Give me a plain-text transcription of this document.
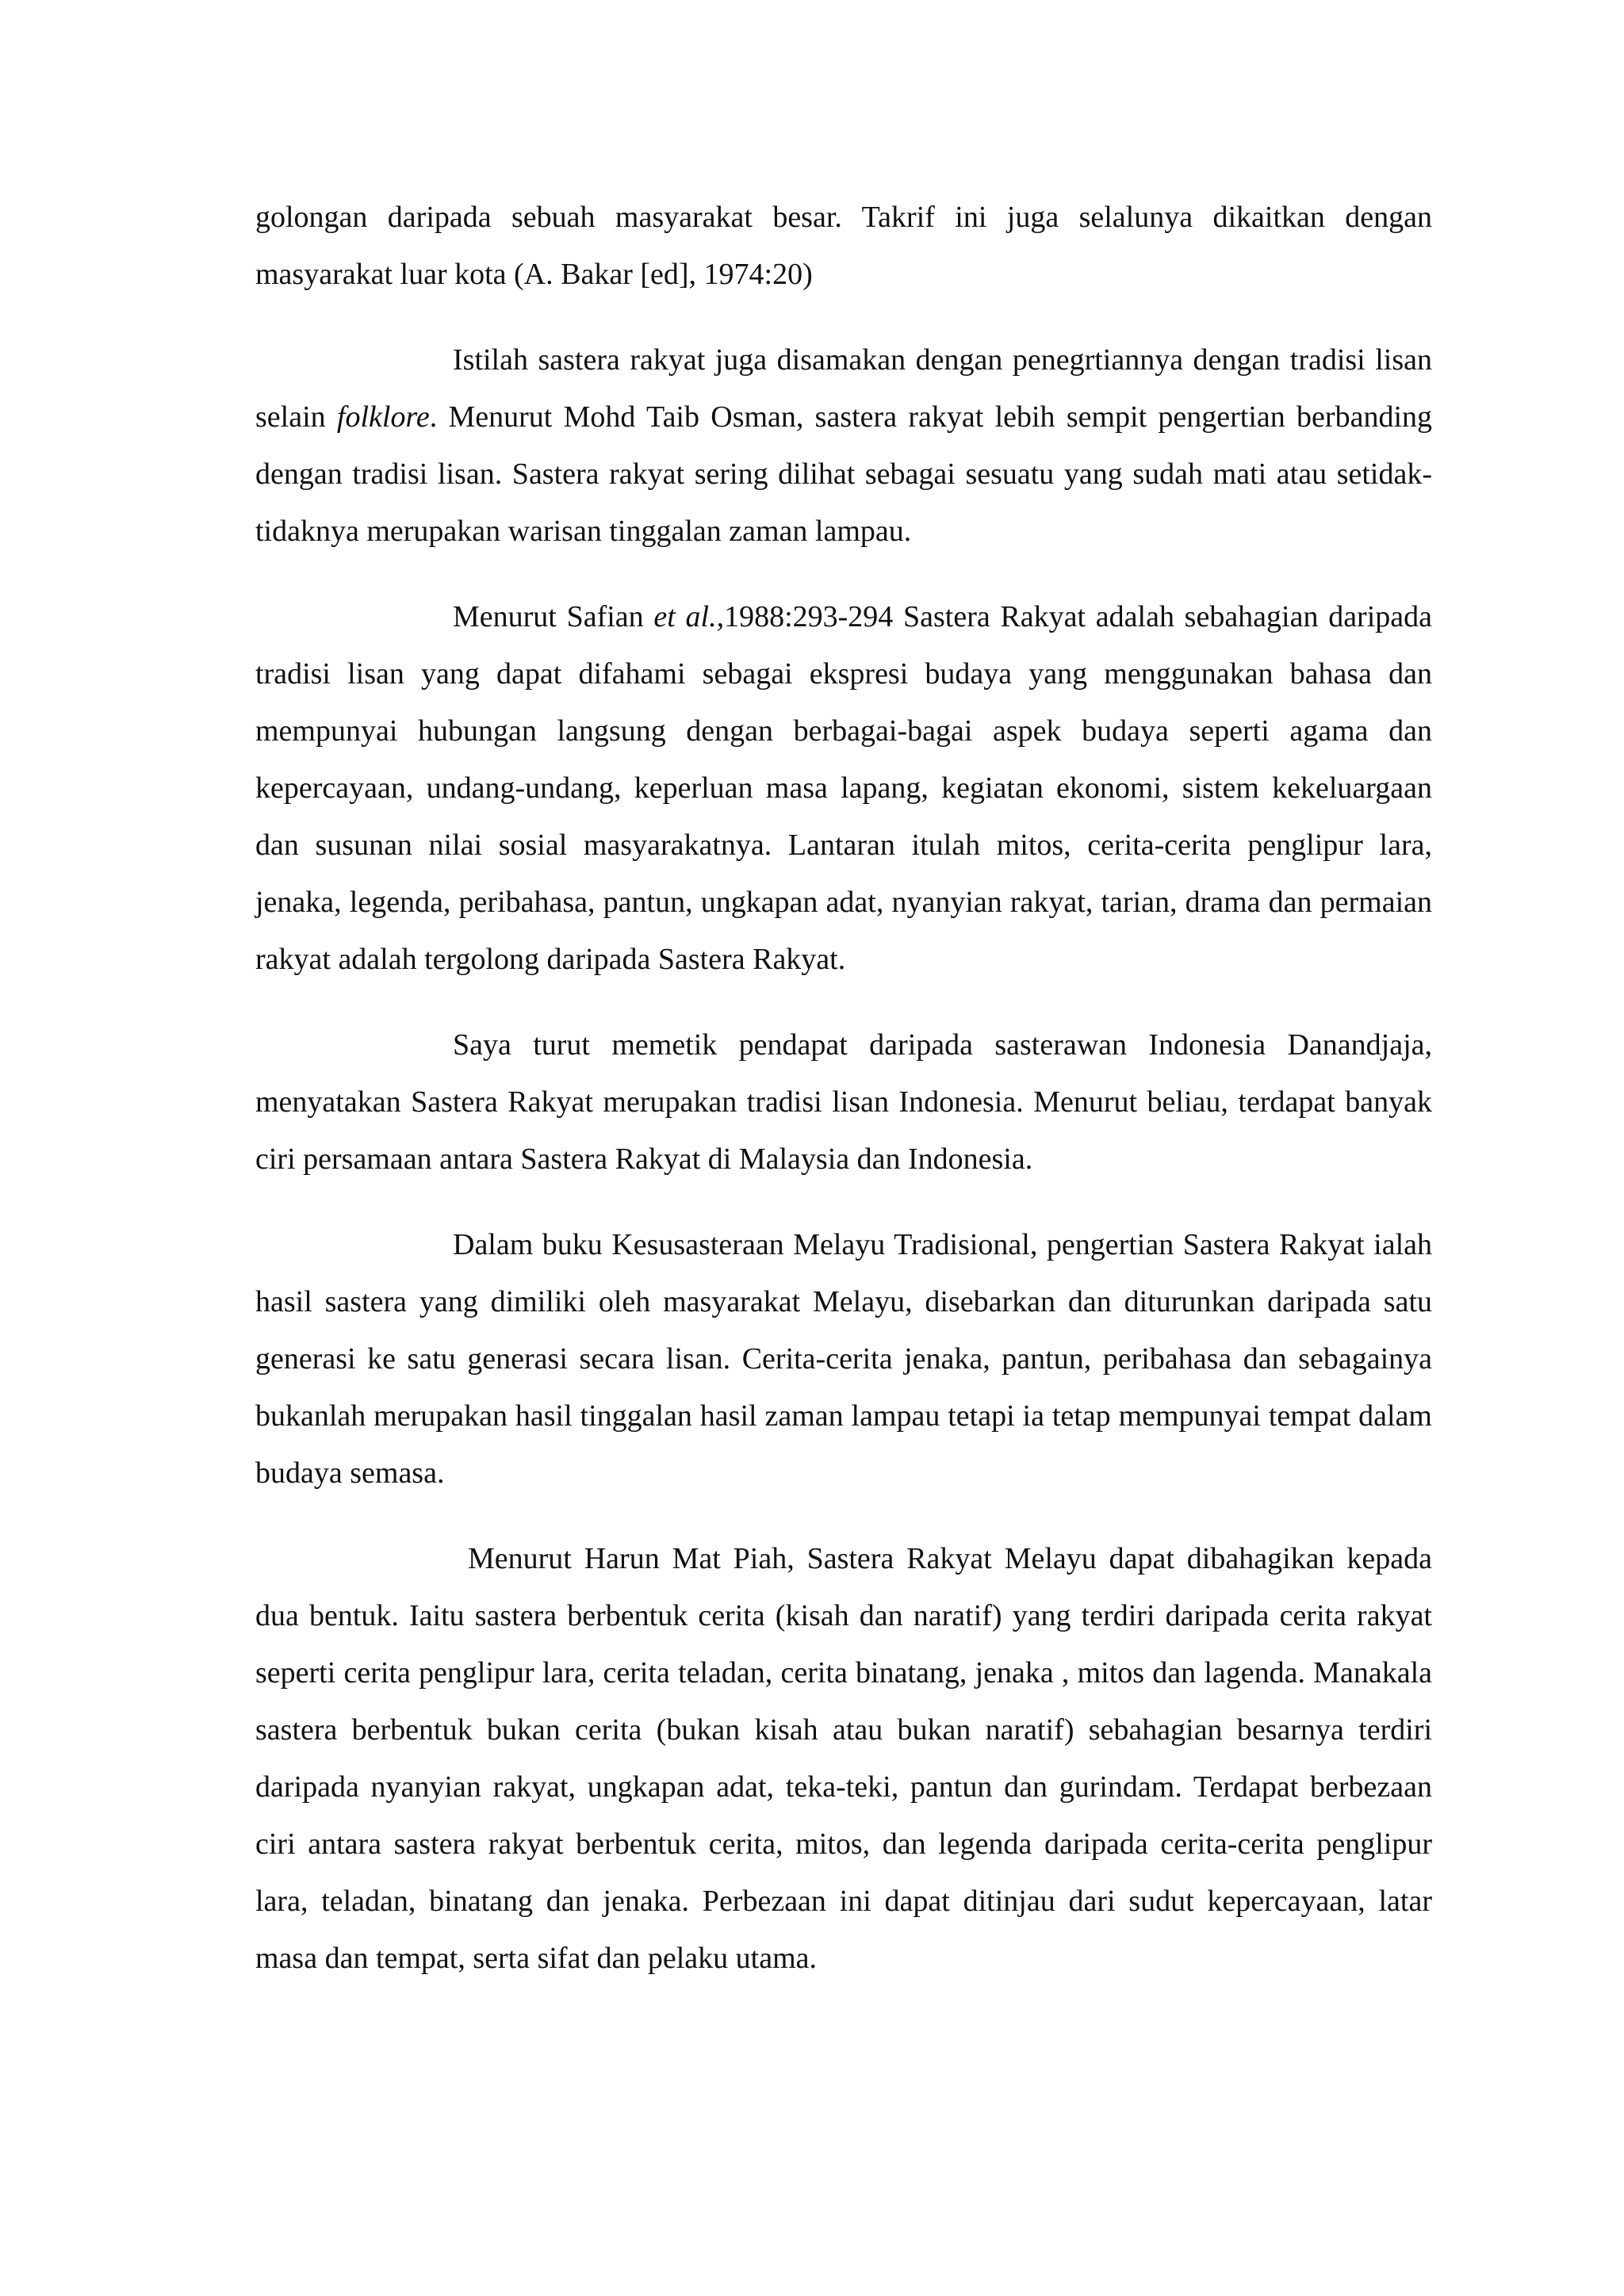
golongan daripada sebuah masyarakat besar. Takrif ini juga selalunya dikaitkan dengan masyarakat luar kota (A. Bakar [ed], 1974:20)

Istilah sastera rakyat juga disamakan dengan penegrtiannya dengan tradisi lisan selain folklore. Menurut Mohd Taib Osman, sastera rakyat lebih sempit pengertian berbanding dengan tradisi lisan. Sastera rakyat sering dilihat sebagai sesuatu yang sudah mati atau setidak-tidaknya merupakan warisan tinggalan zaman lampau.

Menurut Safian et al.,1988:293-294 Sastera Rakyat adalah sebahagian daripada tradisi lisan yang dapat difahami sebagai ekspresi budaya yang menggunakan bahasa dan mempunyai hubungan langsung dengan berbagai-bagai aspek budaya seperti agama dan kepercayaan, undang-undang, keperluan masa lapang, kegiatan ekonomi, sistem kekeluargaan dan susunan nilai sosial masyarakatnya. Lantaran itulah mitos, cerita-cerita penglipur lara, jenaka, legenda, peribahasa, pantun, ungkapan adat, nyanyian rakyat, tarian, drama dan permaian rakyat adalah tergolong daripada Sastera Rakyat.

Saya turut memetik pendapat daripada sasterawan Indonesia Danandjaja, menyatakan Sastera Rakyat merupakan tradisi lisan Indonesia. Menurut beliau, terdapat banyak ciri persamaan antara Sastera Rakyat di Malaysia dan Indonesia.

Dalam buku Kesusasteraan Melayu Tradisional, pengertian Sastera Rakyat ialah hasil sastera yang dimiliki oleh masyarakat Melayu, disebarkan dan diturunkan daripada satu generasi ke satu generasi secara lisan. Cerita-cerita jenaka, pantun, peribahasa dan sebagainya bukanlah merupakan hasil tinggalan hasil zaman lampau tetapi ia tetap mempunyai tempat dalam budaya semasa.

Menurut Harun Mat Piah, Sastera Rakyat Melayu dapat dibahagikan kepada dua bentuk. Iaitu sastera berbentuk cerita (kisah dan naratif) yang terdiri daripada cerita rakyat seperti cerita penglipur lara, cerita teladan, cerita binatang, jenaka , mitos dan lagenda. Manakala sastera berbentuk bukan cerita (bukan kisah atau bukan naratif) sebahagian besarnya terdiri daripada nyanyian rakyat, ungkapan adat, teka-teki, pantun dan gurindam. Terdapat berbezaan ciri antara sastera rakyat berbentuk cerita, mitos, dan legenda daripada cerita-cerita penglipur lara, teladan, binatang dan jenaka. Perbezaan ini dapat ditinjau dari sudut kepercayaan, latar masa dan tempat, serta sifat dan pelaku utama.
